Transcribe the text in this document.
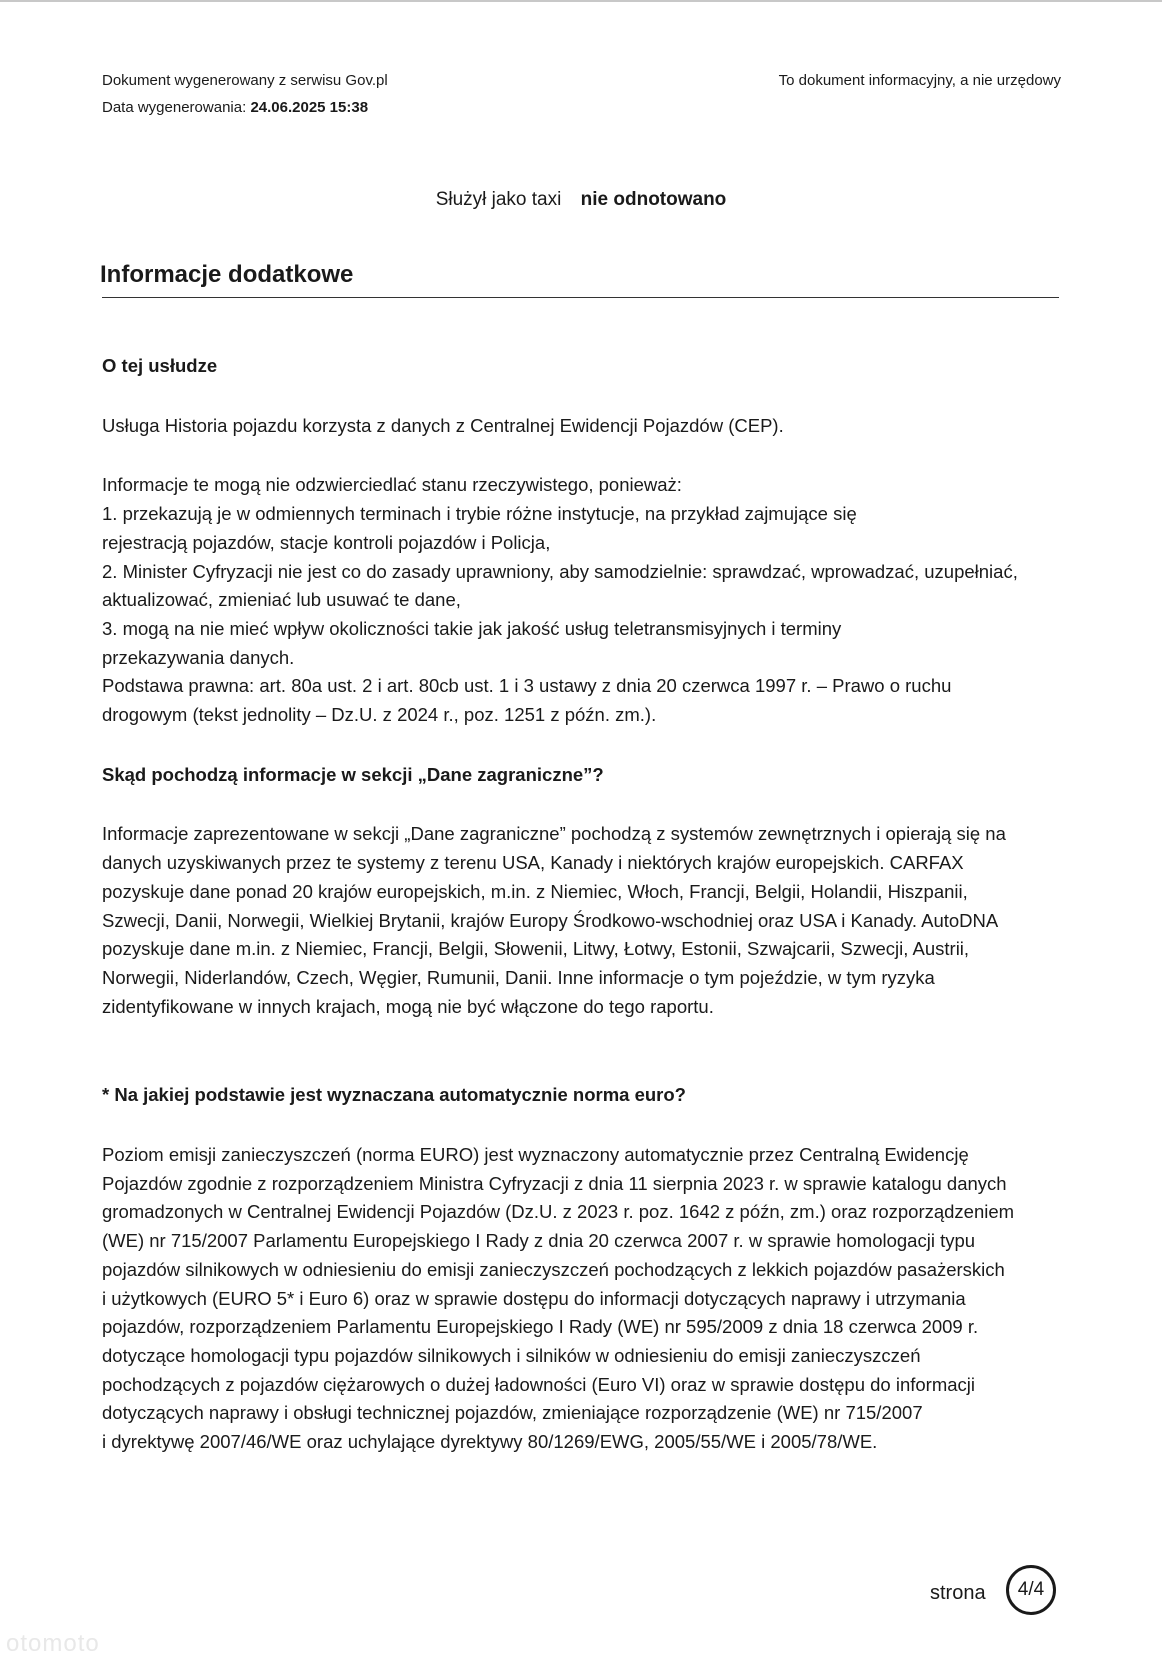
Dokument wygenerowany z serwisu Gov.pl
Data wygenerowania: 24.06.2025 15:38
To dokument informacyjny, a nie urzędowy
Służył jako taxi nie odnotowano
Informacje dodatkowe
O tej usłudze

Usługa Historia pojazdu korzysta z danych z Centralnej Ewidencji Pojazdów (CEP).

Informacje te mogą nie odzwierciedlać stanu rzeczywistego, ponieważ:
1. przekazują je w odmiennych terminach i trybie różne instytucje, na przykład zajmujące się
rejestracją pojazdów, stacje kontroli pojazdów i Policja,
2. Minister Cyfryzacji nie jest co do zasady uprawniony, aby samodzielnie: sprawdzać, wprowadzać, uzupełniać,
aktualizować, zmieniać lub usuwać te dane,
3. mogą na nie mieć wpływ okoliczności takie jak jakość usług teletransmisyjnych i terminy
przekazywania danych.
Podstawa prawna: art. 80a ust. 2 i art. 80cb ust. 1 i 3 ustawy z dnia 20 czerwca 1997 r. – Prawo o ruchu
drogowym (tekst jednolity – Dz.U. z 2024 r., poz. 1251 z późn. zm.).

Skąd pochodzą informacje w sekcji „Dane zagraniczne”?

Informacje zaprezentowane w sekcji „Dane zagraniczne” pochodzą z systemów zewnętrznych i opierają się na
danych uzyskiwanych przez te systemy z terenu USA, Kanady i niektórych krajów europejskich. CARFAX
pozyskuje dane ponad 20 krajów europejskich, m.in. z Niemiec, Włoch, Francji, Belgii, Holandii, Hiszpanii,
Szwecji, Danii, Norwegii, Wielkiej Brytanii, krajów Europy Środkowo-wschodniej oraz USA i Kanady. AutoDNA
pozyskuje dane m.in. z Niemiec, Francji, Belgii, Słowenii, Litwy, Łotwy, Estonii, Szwajcarii, Szwecji, Austrii,
Norwegii, Niderlandów, Czech, Węgier, Rumunii, Danii. Inne informacje o tym pojeździe, w tym ryzyka
zidentyfikowane w innych krajach, mogą nie być włączone do tego raportu.

* Na jakiej podstawie jest wyznaczana automatycznie norma euro?

Poziom emisji zanieczyszczeń (norma EURO) jest wyznaczony automatycznie przez Centralną Ewidencję
Pojazdów zgodnie z rozporządzeniem Ministra Cyfryzacji z dnia 11 sierpnia 2023 r. w sprawie katalogu danych
gromadzonych w Centralnej Ewidencji Pojazdów (Dz.U. z 2023 r. poz. 1642 z późn, zm.) oraz rozporządzeniem
(WE) nr 715/2007 Parlamentu Europejskiego I Rady z dnia 20 czerwca 2007 r. w sprawie homologacji typu
pojazdów silnikowych w odniesieniu do emisji zanieczyszczeń pochodzących z lekkich pojazdów pasażerskich
i użytkowych (EURO 5* i Euro 6) oraz w sprawie dostępu do informacji dotyczących naprawy i utrzymania
pojazdów, rozporządzeniem Parlamentu Europejskiego I Rady (WE) nr 595/2009 z dnia 18 czerwca 2009 r.
dotyczące homologacji typu pojazdów silnikowych i silników w odniesieniu do emisji zanieczyszczeń
pochodzących z pojazdów ciężarowych o dużej ładowności (Euro VI) oraz w sprawie dostępu do informacji
dotyczących naprawy i obsługi technicznej pojazdów, zmieniające rozporządzenie (WE) nr 715/2007
i dyrektywę 2007/46/WE oraz uchylające dyrektywy 80/1269/EWG, 2005/55/WE i 2005/78/WE.

strona 4/4
otomoto
